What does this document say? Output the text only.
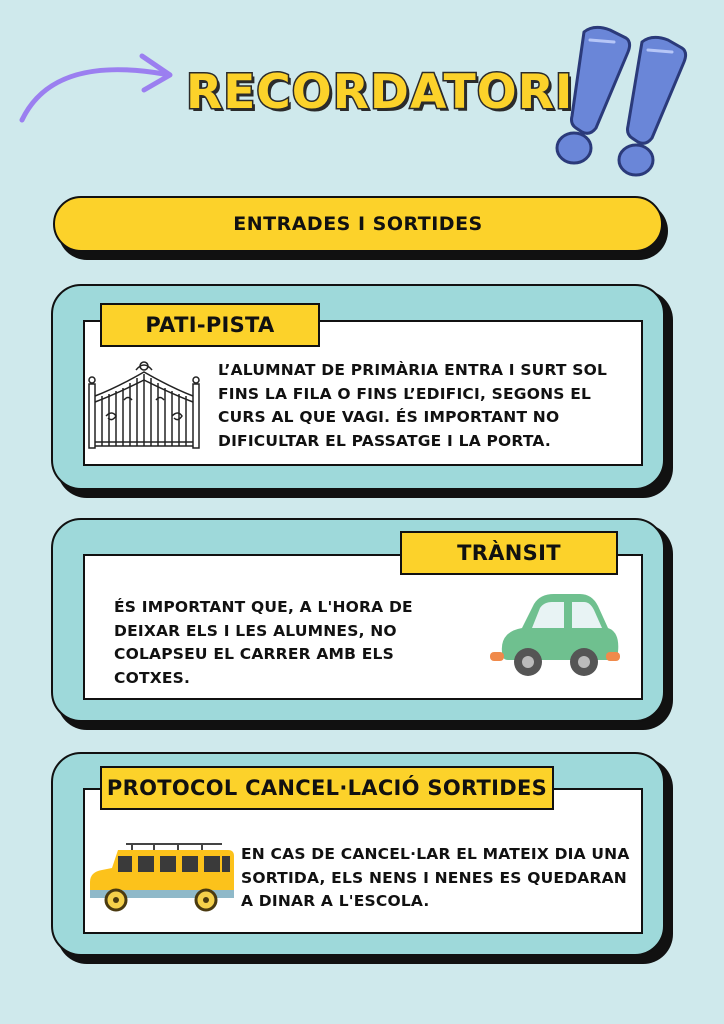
RECORDATORI
ENTRADES I SORTIDES
PATI-PISTA
L’ALUMNAT DE PRIMÀRIA ENTRA I SURT SOL FINS LA FILA O FINS L’EDIFICI, SEGONS EL CURS AL QUE VAGI. ÉS IMPORTANT NO DIFICULTAR EL PASSATGE I LA PORTA.
TRÀNSIT
ÉS IMPORTANT QUE, A L'HORA DE DEIXAR ELS I LES ALUMNES, NO COLAPSEU EL CARRER AMB ELS COTXES.
PROTOCOL CANCEL·LACIÓ SORTIDES
EN CAS DE CANCEL·LAR EL MATEIX DIA UNA SORTIDA, ELS NENS I NENES ES QUEDARAN A DINAR A L'ESCOLA.
